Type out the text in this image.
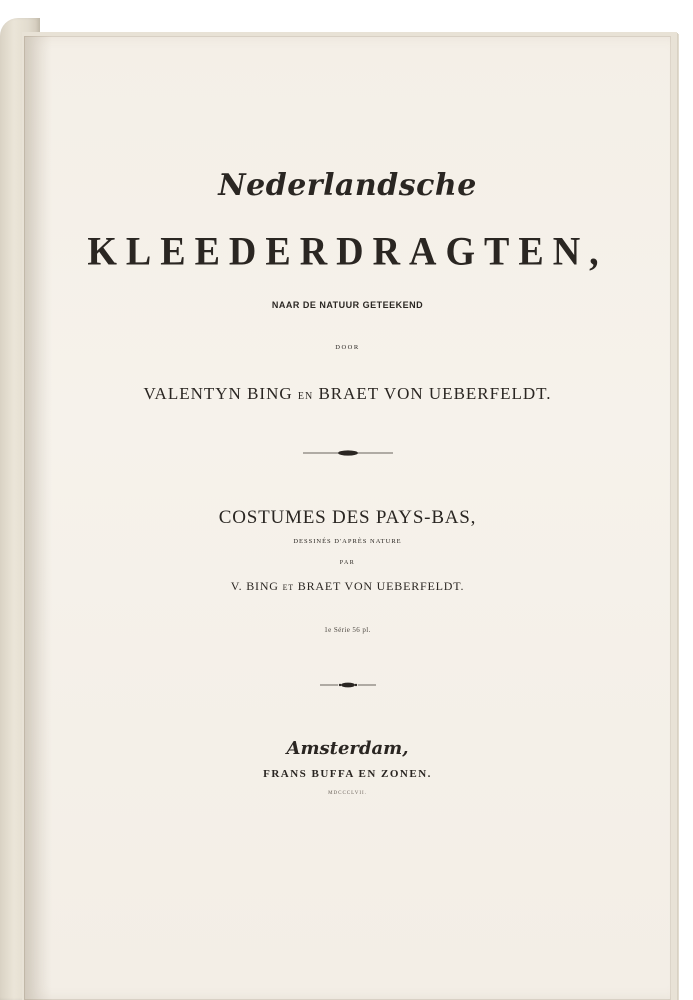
Nederlandsche
KLEEDERDRAGTEN,
NAAR DE NATUUR GETEEKEND
DOOR
VALENTYN BING EN BRAET VON UEBERFELDT.
COSTUMES DES PAYS-BAS,
DESSINÉS D'APRÈS NATURE
PAR
V. BING ET BRAET VON UEBERFELDT.
1e Série 56 pl.
Amsterdam,
FRANS BUFFA EN ZONEN.
MDCCCLVII.
